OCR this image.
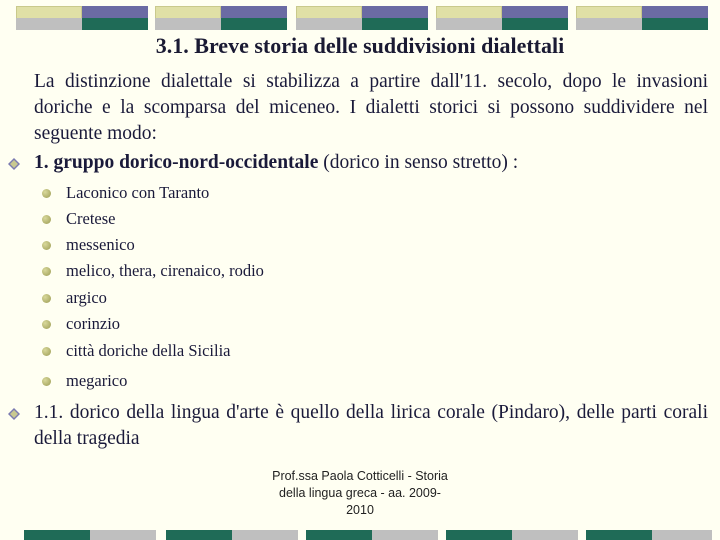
3.1. Breve storia delle suddivisioni dialettali

La distinzione dialettale si stabilizza a partire dall'11. secolo, dopo le invasioni doriche e la scomparsa del miceneo. I dialetti storici si possono suddividere nel seguente modo:

1. gruppo dorico-nord-occidentale (dorico in senso stretto) :
Laconico con Taranto
Cretese
messenico
melico, thera, cirenaico, rodio
argico
corinzio
città doriche della Sicilia
megarico
1.1. dorico della lingua d'arte è quello della lirica corale (Pindaro), delle parti corali della tragedia
Prof.ssa Paola Cotticelli - Storia
della lingua greca - aa. 2009-
2010
